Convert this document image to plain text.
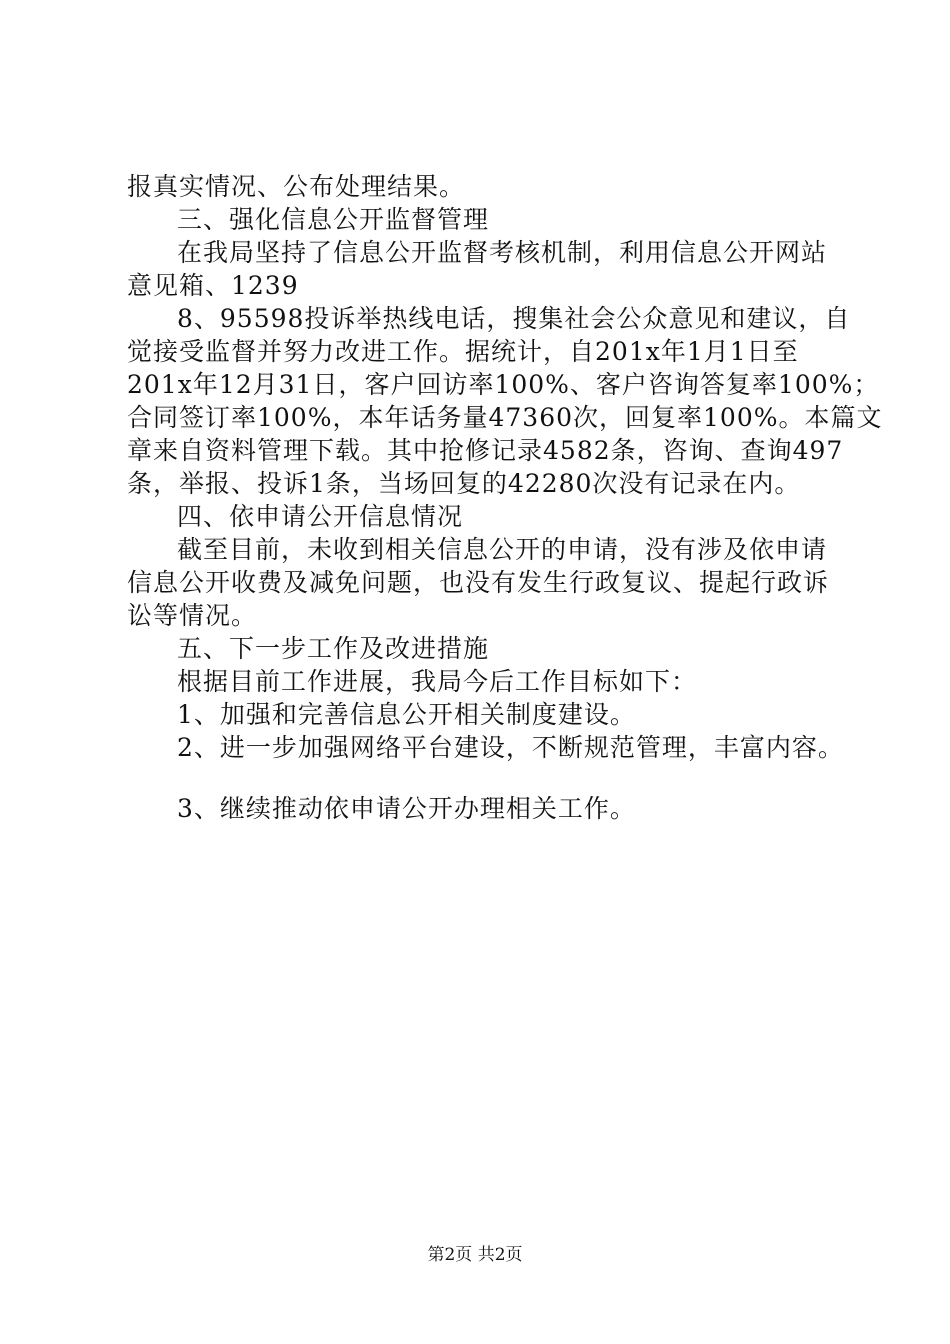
报真实情况、公布处理结果。
三、强化信息公开监督管理
在我局坚持了信息公开监督考核机制，利用信息公开网站
意见箱、1239
8、95598投诉举热线电话，搜集社会公众意见和建议，自
觉接受监督并努力改进工作。据统计，自201x年1月1日至
201x年12月31日，客户回访率100%、客户咨询答复率100%；
合同签订率100%，本年话务量47360次，回复率100%。本篇文
章来自资料管理下载。其中抢修记录4582条，咨询、查询497
条，举报、投诉1条，当场回复的42280次没有记录在内。
四、依申请公开信息情况
截至目前，未收到相关信息公开的申请，没有涉及依申请
信息公开收费及减免问题，也没有发生行政复议、提起行政诉
讼等情况。
五、下一步工作及改进措施
根据目前工作进展，我局今后工作目标如下：
1、加强和完善信息公开相关制度建设。
2、进一步加强网络平台建设，不断规范管理，丰富内容。
3、继续推动依申请公开办理相关工作。
第2页 共2页
